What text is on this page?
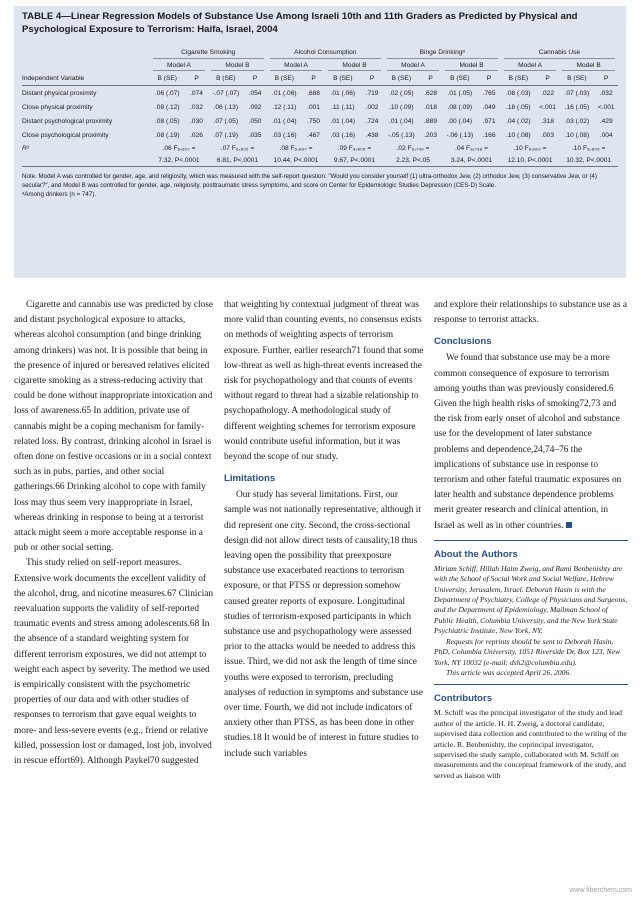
TABLE 4—Linear Regression Models of Substance Use Among Israeli 10th and 11th Graders as Predicted by Physical and Psychological Exposure to Terrorism: Haifa, Israel, 2004

	Cigarette Smoking				Alcohol Consumption				Binge Drinkingᵃ				Cannabis Use			

	Model A		Model B		Model A		Model B		Model A		Model B		Model A		Model B	

Independent Variable	B (SE)	P	B (SE)	P	B (SE)	P	B (SE)	P	B (SE)	P	B (SE)	P	B (SE)	P	B (SE)	P
Distant physical proximity	.06 (.07)	.074	-.07 (.07)	.054	.01 (.06)	.688	.01 (.06)	.719	.02 (.05)	.628	.01 (.05)	.765	.08 (.03)	.022	.07 (.03)	.032
Close physical proximity	.08 (.12)	.032	.06 (.13)	.092	.12 (.11)	.001	.11 (.11)	.002	.10 (.09)	.018	.08 (.09)	.049	.18 (.05)	<.001	.16 (.05)	<.001
Distant psychological proximity	.08 (.05)	.030	.07 (.05)	.050	.01 (.04)	.750	.01 (.04)	.724	.01 (.04)	.889	.00 (.04)	.971	.04 (.02)	.318	.03 (.02)	.429
Close psychological proximity	.08 (.19)	.026	.07 (.19)	.035	.03 (.16)	.467	.03 (.16)	.438	-.05 (.13)	.203	-.06 (.13)	.166	.10 (.08)	.003	.10 (.08)	.004
R²	.06 F₆,₈₀₇ =		.07 F₈,₈₀₅ =		.08 F₆,₈₀₇ =		.09 F₈,₈₀₅ =		.02 F₆,₇₄₀ =		.04 F₈,₇₃₈ =		.10 F₆,₈₀₇ =		.10 F₈,₈₀₅ =	
	7.32, P<.0001		6.81, P<.0001		10.44, P<.0001		9.67, P<.0001		2.23, P<.05		3.24, P<.0001		12.10, P<.0001		10.32, P<.0001	
Note. Model A was controlled for gender, age, and religiosity, which was measured with the self-report question: "Would you consider yourself (1) ultra-orthodox Jew, (2) orthodox Jew, (3) conservative Jew, or (4) secular?", and Model B was controlled for gender, age, religiosity, posttraumatic stress symptoms, and score on Center for Epidemiologic Studies Depression (CES-D) Scale.
ᵃAmong drinkers (n = 747).

Cigarette and cannabis use was predicted by close and distant psychological exposure to attacks, whereas alcohol consumption (and binge drinking among drinkers) was not. It is possible that being in the presence of injured or bereaved relatives elicited cigarette smoking as a stress-reducing activity that could be done without inappropriate intoxication and loss of awareness.65 In addition, private use of cannabis might be a coping mechanism for family-related loss. By contrast, drinking alcohol in Israel is often done on festive occasions or in a social context such as in pubs, parties, and other social gatherings.66 Drinking alcohol to cope with family loss may thus seem very inappropriate in Israel, whereas drinking in response to being at a terrorist attack might seem a more acceptable response in a pub or other social setting.

This study relied on self-report measures. Extensive work documents the excellent validity of the alcohol, drug, and nicotine measures.67 Clinician reevaluation supports the validity of self-reported traumatic events and stress among adolescents.68 In the absence of a standard weighting system for different terrorism exposures, we did not attempt to weight each aspect by severity. The method we used is empirically consistent with the psychometric properties of our data and with other studies of responses to terrorism that gave equal weights to more- and less-severe events (e.g., friend or relative killed, possession lost or damaged, lost job, involved in rescue effort69). Although Paykel70 suggested

that weighting by contextual judgment of threat was more valid than counting events, no consensus exists on methods of weighting aspects of terrorism exposure. Further, earlier research71 found that some low-threat as well as high-threat events increased the risk for psychopathology and that counts of events without regard to threat had a sizable relationship to psychopathology. A methodological study of different weighting schemes for terrorism exposure would contribute useful information, but it was beyond the scope of our study.

Limitations

Our study has several limitations. First, our sample was not nationally representative, although it did represent one city. Second, the cross-sectional design did not allow direct tests of causality,18 thus leaving open the possibility that preexposure substance use exacerbated reactions to terrorism exposure, or that PTSS or depression somehow caused greater reports of exposure. Longitudinal studies of terrorism-exposed participants in which substance use and psychopathology were assessed prior to the attacks would be needed to address this issue. Third, we did not ask the length of time since youths were exposed to terrorism, precluding analyses of reduction in symptoms and substance use over time. Fourth, we did not include indicators of anxiety other than PTSS, as has been done in other studies.18 It would be of interest in future studies to include such variables

and explore their relationships to substance use as a response to terrorist attacks.

Conclusions

We found that substance use may be a more common consequence of exposure to terrorism among youths than was previously considered.6 Given the high health risks of smoking72,73 and the risk from early onset of alcohol and substance use for the development of later substance problems and dependence,24,74–76 the implications of substance use in response to terrorism and other fateful traumatic exposures on later health and substance dependence problems merit greater research and clinical attention, in Israel as well as in other countries.

About the Authors

Miriam Schiff, Hillah Haim Zweig, and Rami Benbenishty are with the School of Social Work and Social Welfare, Hebrew University, Jerusalem, Israel. Deborah Hasin is with the Department of Psychiatry, College of Physicians and Surgeons, and the Department of Epidemiology, Mailman School of Public Health, Columbia University, and the New York State Psychiatric Institute, New York, NY.

Requests for reprints should be sent to Deborah Hasin, PhD, Columbia University, 1051 Riverside Dr, Box 123, New York, NY 10032 (e-mail: dsh2@columbia.edu).

This article was accepted April 26, 2006.

Contributors

M. Schiff was the principal investigator of the study and lead author of the article. H. H. Zweig, a doctoral candidate, supervised data collection and contributed to the writing of the article. R. Benbenishty, the coprincipal investigator, supervised the study sample, collaborated with M. Schiff on measurements and the conceptual framework of the study, and served as liaison with

www.fiberchem.com
